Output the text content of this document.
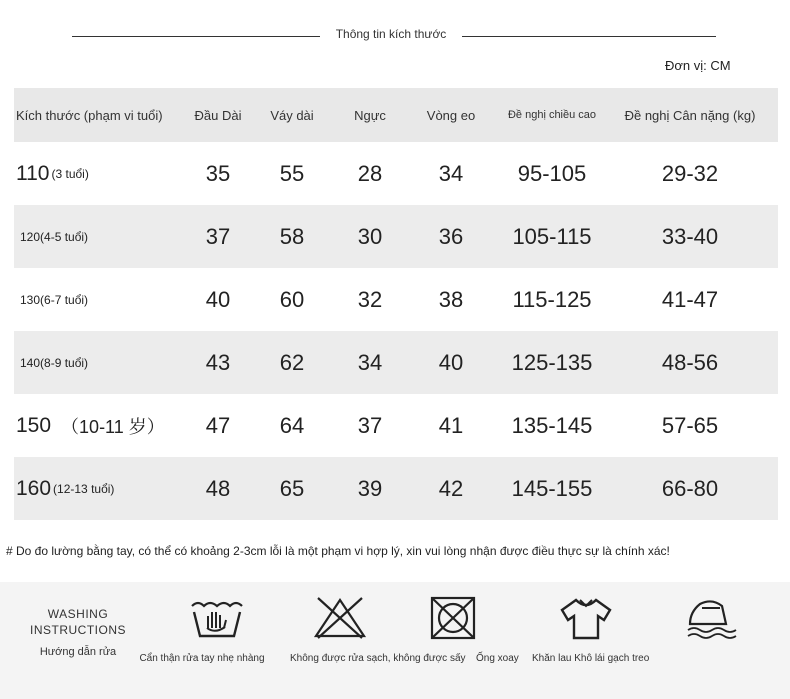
Thông tin kích thước
Đơn vị: CM
Kích thước (phạm vi tuổi)	Đầu Dài	Váy dài	Ngực	Vòng eo	Đề nghị chiều cao	Đề nghị Cân nặng (kg)
110 (3 tuổi)	35	55	28	34	95-105	29-32
120(4-5 tuổi)	37	58	30	36	105-115	33-40
130(6-7 tuổi)	40	60	32	38	115-125	41-47
140(8-9 tuổi)	43	62	34	40	125-135	48-56
150 （10-11 岁）	47	64	37	41	135-145	57-65
160 (12-13 tuổi)	48	65	39	42	145-155	66-80
# Do đo lường bằng tay, có thể có khoảng 2-3cm lỗi là một phạm vi hợp lý, xin vui lòng nhận được điều thực sự là chính xác!
WASHING
INSTRUCTIONS
Hướng dẫn rửa
Cẩn thận rửa tay nhẹ nhàng	Không được rửa sạch, không được sấy Ống xoay	Khăn lau Khô lái gạch treo
